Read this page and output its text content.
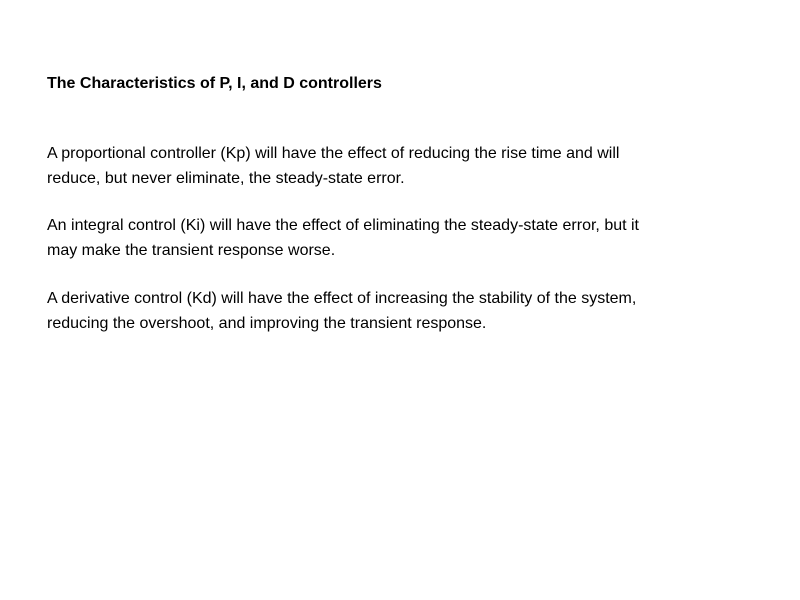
The Characteristics of P, I, and D controllers

A proportional controller (Kp) will have the effect of reducing the rise time and will
reduce, but never eliminate, the steady-state error.

An integral control (Ki) will have the effect of eliminating the steady-state error, but it
may make the transient response worse.

A derivative control (Kd) will have the effect of increasing the stability of the system,
reducing the overshoot, and improving the transient response.
